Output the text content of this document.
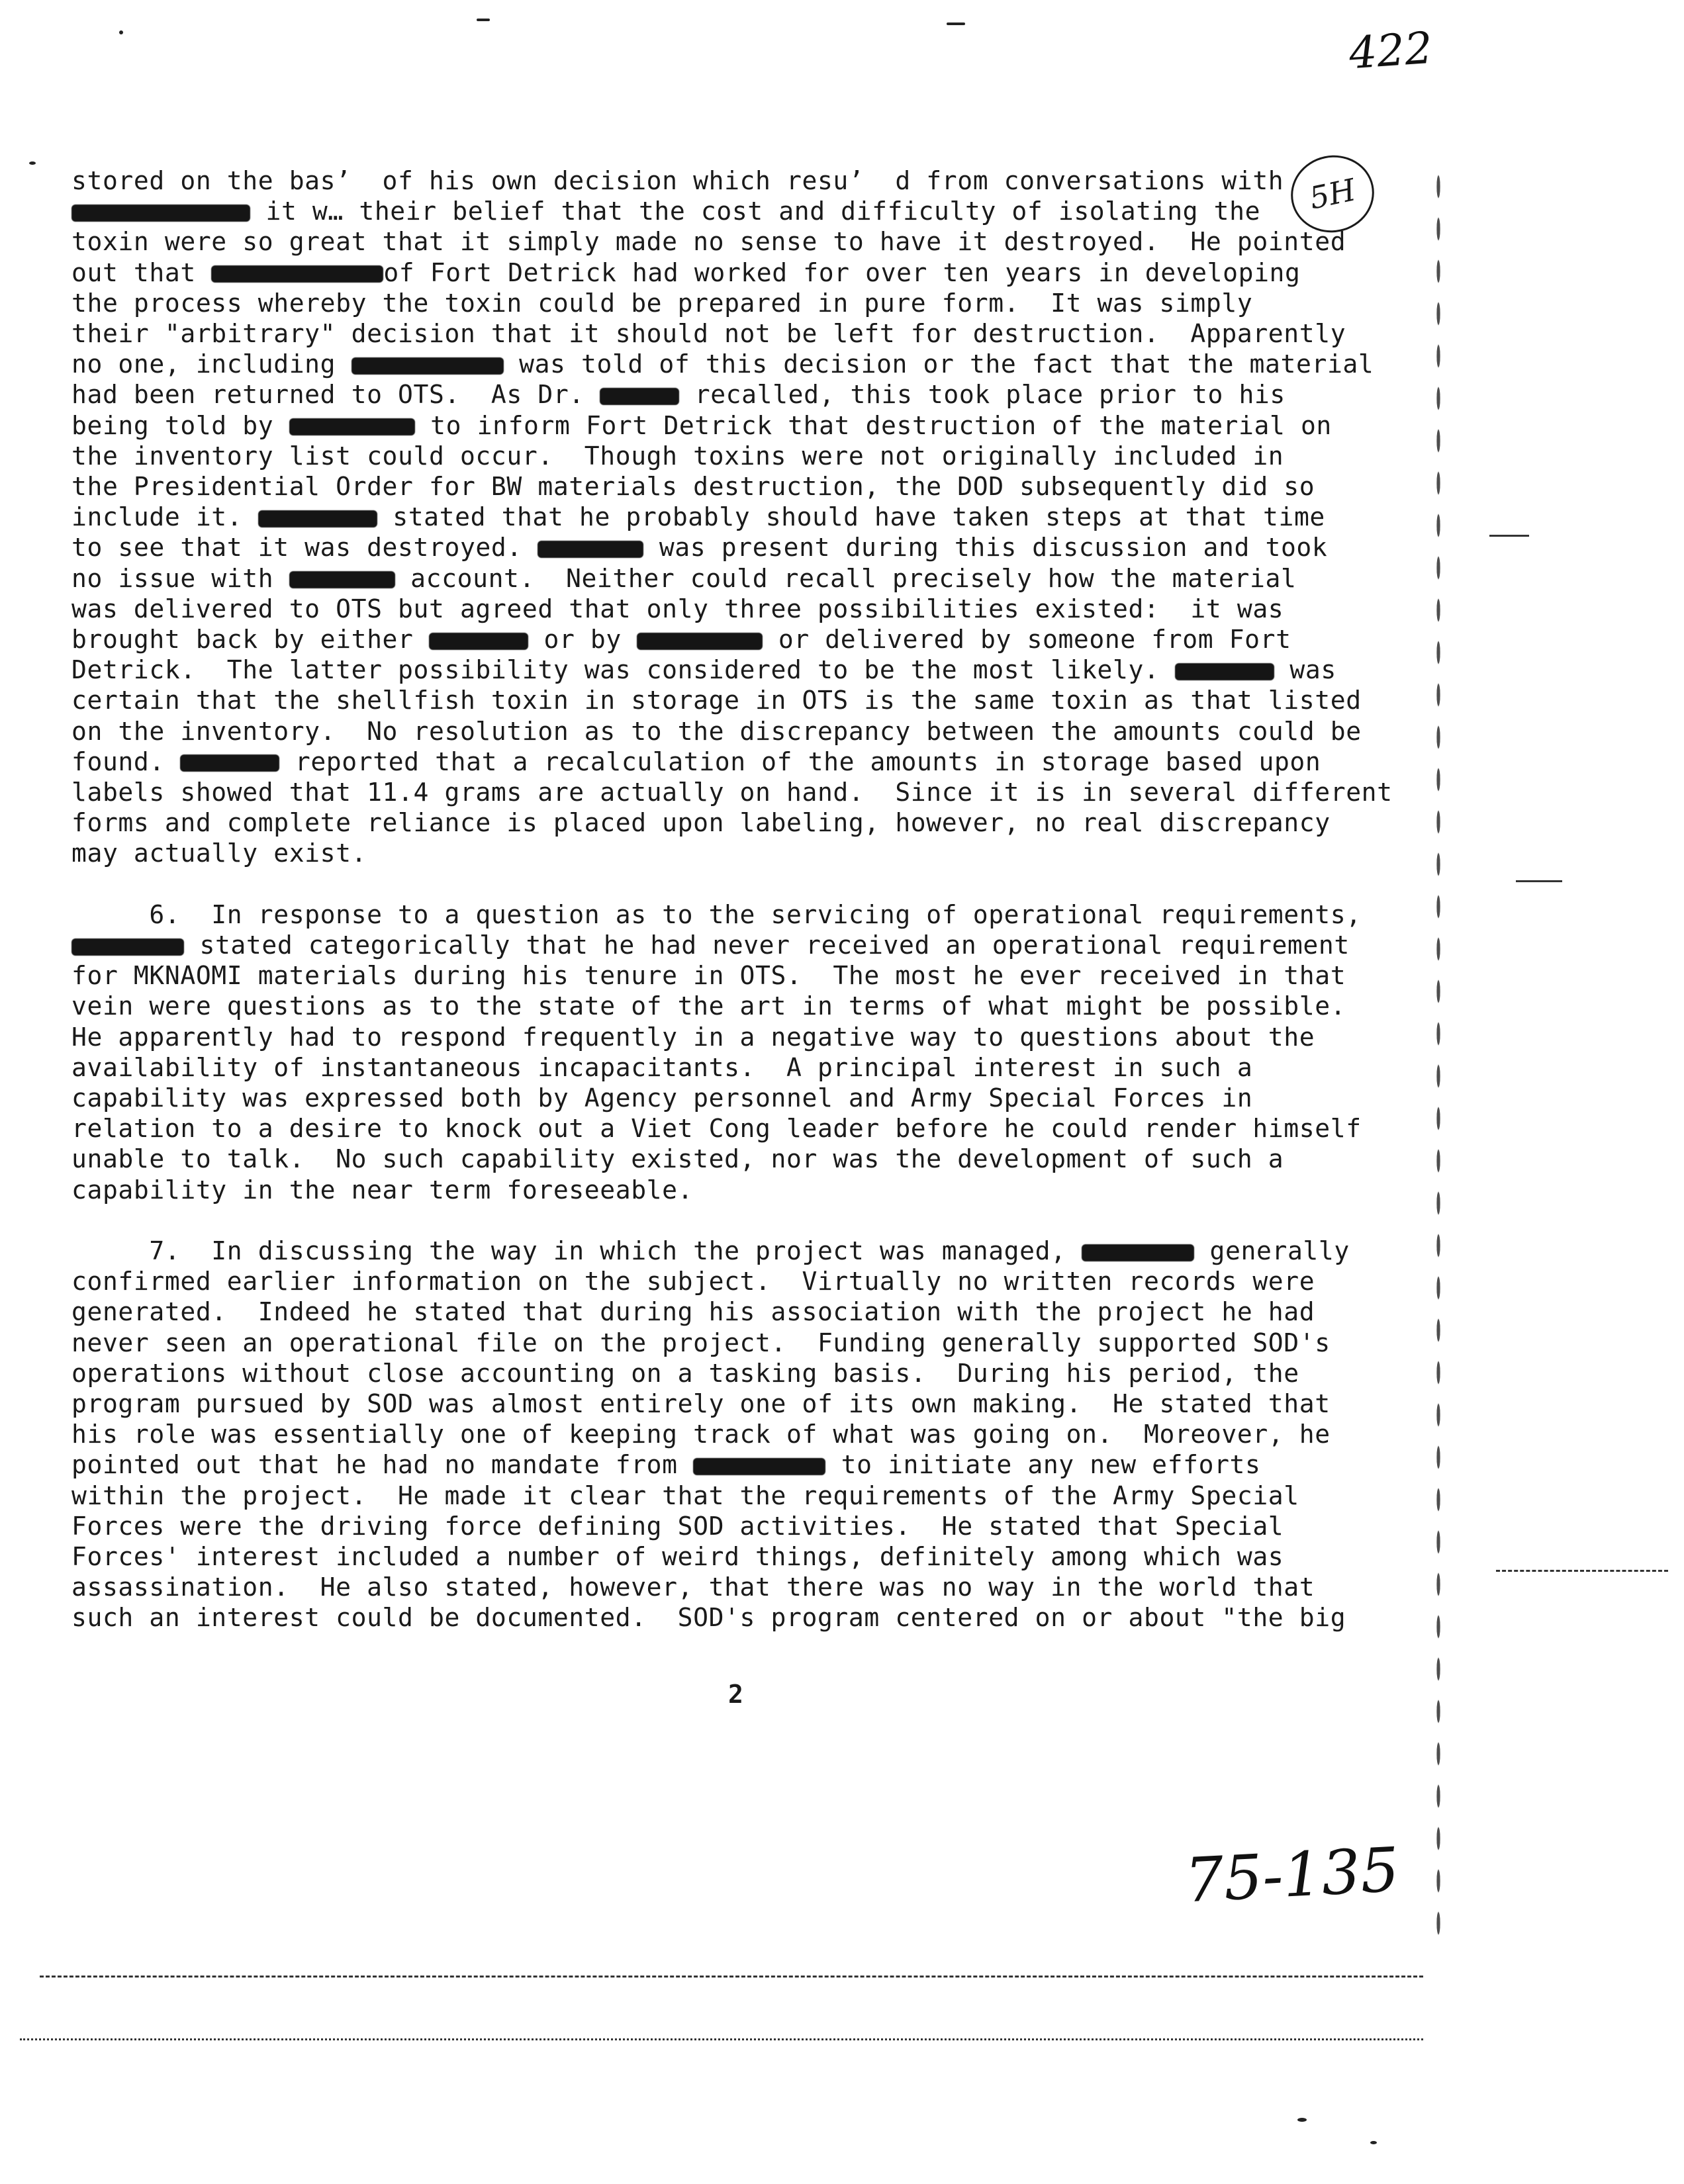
422
5H
stored on the bas’  of his own decision which resu’  d from conversations with
it w… their belief that the cost and difficulty of isolating the
toxin were so great that it simply made no sense to have it destroyed.  He pointed
out that	of Fort Detrick had worked for over ten years in developing
the process whereby the toxin could be prepared in pure form.  It was simply
their "arbitrary" decision that it should not be left for destruction.  Apparently
no one, including	was told of this decision or the fact that the material
had been returned to OTS.  As Dr.	recalled, this took place prior to his
being told by	to inform Fort Detrick that destruction of the material on
the inventory list could occur.  Though toxins were not originally included in
the Presidential Order for BW materials destruction, the DOD subsequently did so
include it.	stated that he probably should have taken steps at that time
to see that it was destroyed.	was present during this discussion and took
no issue with	account.  Neither could recall precisely how the material
was delivered to OTS but agreed that only three possibilities existed:  it was
brought back by either	or by	or delivered by someone from Fort
Detrick.  The latter possibility was considered to be the most likely.	was
certain that the shellfish toxin in storage in OTS is the same toxin as that listed
on the inventory.  No resolution as to the discrepancy between the amounts could be
found.	reported that a recalculation of the amounts in storage based upon
labels showed that 11.4 grams are actually on hand.  Since it is in several different
forms and complete reliance is placed upon labeling, however, no real discrepancy
may actually exist.
6.  In response to a question as to the servicing of operational requirements,
stated categorically that he had never received an operational requirement
for MKNAOMI materials during his tenure in OTS.  The most he ever received in that
vein were questions as to the state of the art in terms of what might be possible.
He apparently had to respond frequently in a negative way to questions about the
availability of instantaneous incapacitants.  A principal interest in such a
capability was expressed both by Agency personnel and Army Special Forces in
relation to a desire to knock out a Viet Cong leader before he could render himself
unable to talk.  No such capability existed, nor was the development of such a
capability in the near term foreseeable.
7.  In discussing the way in which the project was managed,	generally
confirmed earlier information on the subject.  Virtually no written records were
generated.  Indeed he stated that during his association with the project he had
never seen an operational file on the project.  Funding generally supported SOD's
operations without close accounting on a tasking basis.  During his period, the
program pursued by SOD was almost entirely one of its own making.  He stated that
his role was essentially one of keeping track of what was going on.  Moreover, he
pointed out that he had no mandate from	to initiate any new efforts
within the project.  He made it clear that the requirements of the Army Special
Forces were the driving force defining SOD activities.  He stated that Special
Forces' interest included a number of weird things, definitely among which was
assassination.  He also stated, however, that there was no way in the world that
such an interest could be documented.  SOD's program centered on or about "the big
2
75-135
